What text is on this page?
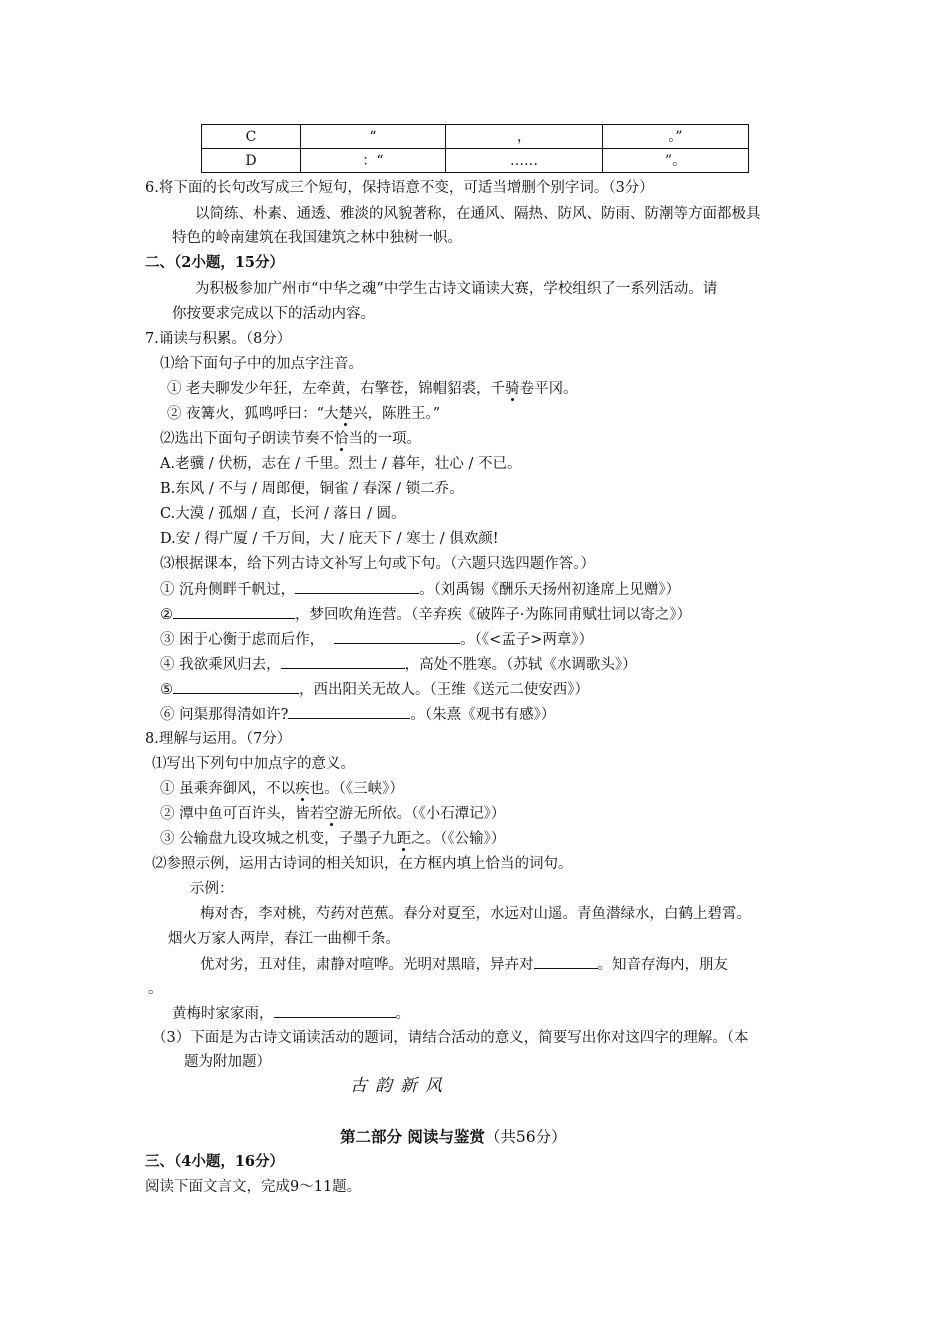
C	“	，	。”
D	：“	……	”。
6.将下面的长句改写成三个短句，保持语意不变，可适当增删个别字词。（3分）
以简练、朴素、通透、雅淡的风貌著称，在通风、隔热、防风、防雨、防潮等方面都极具
特色的岭南建筑在我国建筑之林中独树一帜。
二、（2小题，15分）
为积极参加广州市“中华之魂”中学生古诗文诵读大赛，学校组织了一系列活动。请
你按要求完成以下的活动内容。
7.诵读与积累。（8分）
⑴给下面句子中的加点字注音。
① 老夫聊发少年狂，左牵黄，右擎苍，锦帽貂裘，千骑卷平冈。
② 夜篝火，狐鸣呼曰：“大楚兴，陈胜王。”
⑵选出下面句子朗读节奏不恰当的一项。
A.老骥 / 伏枥，志在 / 千里。烈士 / 暮年，壮心 / 不已。
B.东风 / 不与 / 周郎便，铜雀 / 春深 / 锁二乔。
C.大漠 / 孤烟 / 直，长河 / 落日 / 圆。
D.安 / 得广厦 / 千万间，大 / 庇天下 / 寒士 / 俱欢颜!
⑶根据课本，给下列古诗文补写上句或下句。（六题只选四题作答。）
① 沉舟侧畔千帆过，	。（刘禹锡《酬乐天扬州初逢席上见赠》）
②	，梦回吹角连营。（辛弃疾《破阵子·为陈同甫赋壮词以寄之》）
③ 困于心衡于虑而后作，	。（《<孟子>两章》）
④ 我欲乘风归去，	，高处不胜寒。（苏轼《水调歌头》）
⑤	，西出阳关无故人。（王维《送元二使安西》）
⑥ 问渠那得清如许?	。（朱熹《观书有感》）
8.理解与运用。（7分）
⑴写出下列句中加点字的意义。
① 虽乘奔御风，不以疾也。（《三峡》）
② 潭中鱼可百许头，皆若空游无所依。（《小石潭记》）
③ 公输盘九设攻城之机变，子墨子九距之。（《公输》）
⑵参照示例，运用古诗词的相关知识，在方框内填上恰当的词句。
示例：
梅对杏，李对桃，芍药对芭蕉。春分对夏至，水远对山遥。青鱼潜绿水，白鹤上碧霄。
烟火万家人两岸，春江一曲柳千条。
优对劣，丑对佳，肃静对喧哗。光明对黑暗，异卉对	。知音存海内，朋友
。
黄梅时家家雨，	。
（3）下面是为古诗文诵读活动的题词，请结合活动的意义，简要写出你对这四字的理解。（本
题为附加题）
古韵新风
第二部分 阅读与鉴赏（共56分）
三、（4小题，16分）
阅读下面文言文，完成9～11题。
